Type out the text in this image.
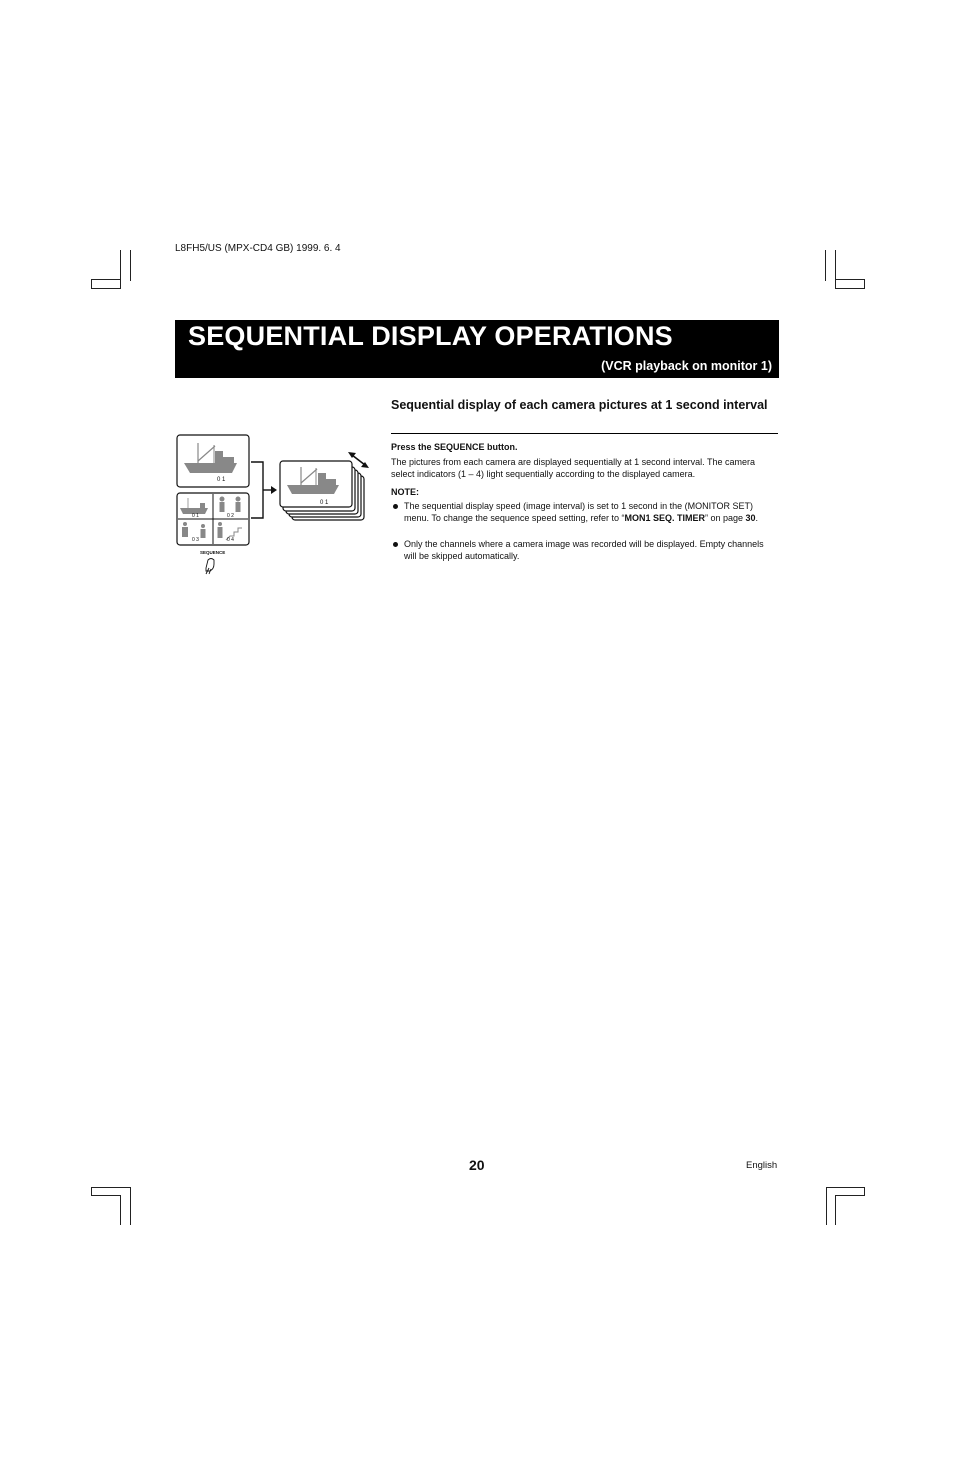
L8FH5/US (MPX-CD4 GB) 1999. 6. 4
SEQUENTIAL DISPLAY OPERATIONS
(VCR playback on monitor 1)
0 1
0 1	0 2
0 3	0 4
0 1
SEQUENCE
Sequential display of each camera pictures at 1 second interval
Press the SEQUENCE button.
The pictures from each camera are displayed sequentially at 1 second interval. The camera select indicators (1 – 4) light sequentially according to the displayed camera.
NOTE:
The sequential display speed (image interval) is set to 1 second in the (MONITOR SET) menu. To change the sequence speed setting, refer to “MON1 SEQ. TIMER” on page 30.
Only the channels where a camera image was recorded will be displayed. Empty channels will be skipped automatically.
20	English
